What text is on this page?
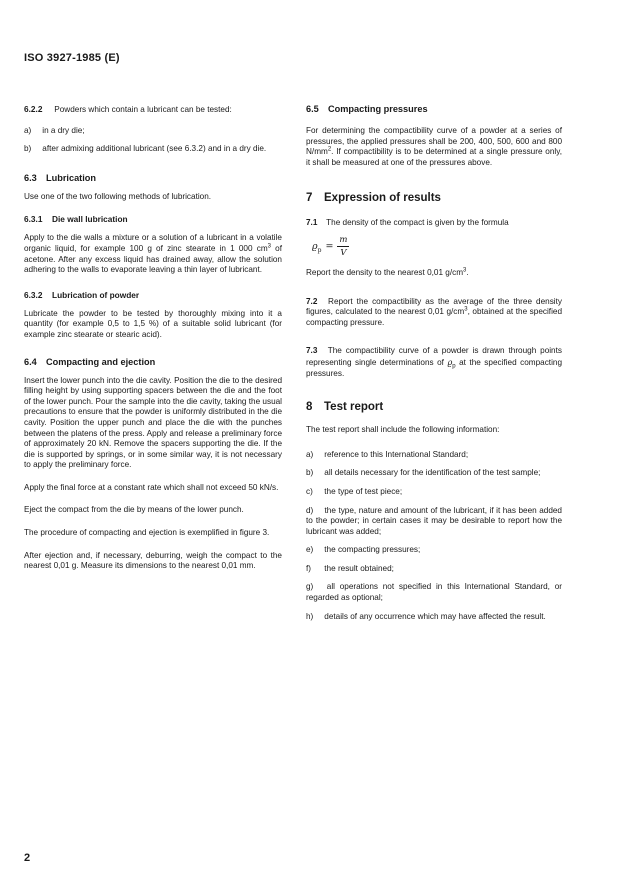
ISO 3927-1985 (E)

6.2.2 Powders which contain a lubricant can be tested:

a) in a dry die;
b) after admixing additional lubricant (see 6.3.2) and in a dry die.
6.3 Lubrication

Use one of the two following methods of lubrication.

6.3.1 Die wall lubrication

Apply to the die walls a mixture or a solution of a lubricant in a volatile organic liquid, for example 100 g of zinc stearate in 1 000 $cm^3$ of acetone. After any excess liquid has drained away, allow the solution adhering to the walls to evaporate leaving a thin layer of lubricant.

6.3.2 Lubrication of powder

Lubricate the powder to be tested by thoroughly mixing into it a quantity (for example 0,5 to 1,5 %) of a suitable solid lubricant (for example zinc stearate or stearic acid).

6.4 Compacting and ejection

Insert the lower punch into the die cavity. Position the die to the desired filling height by using supporting spacers between the die and the foot of the lower punch. Pour the sample into the die cavity, taking the usual precautions to ensure that the powder is uniformly distributed in the die cavity. Position the upper punch and place the die with the punches between the platens of the press. Apply and release a preliminary force of approximately 20 kN. Remove the spacers supporting the die. If the die is supported by springs, or in some similar way, it is not necessary to apply the preliminary force.

Apply the final force at a constant rate which shall not exceed 50 kN/s.

Eject the compact from the die by means of the lower punch.

The procedure of compacting and ejection is exemplified in figure 3.

After ejection and, if necessary, deburring, weigh the compact to the nearest 0,01 g. Measure its dimensions to the nearest 0,01 mm.

6.5 Compacting pressures

For determining the compactibility curve of a powder at a series of pressures, the applied pressures shall be 200, 400, 500, 600 and 800 $N/mm^2$. If compactibility is to be determined at a single pressure only, it shall be measured at one of the pressures above.

7 Expression of results

7.1 The density of the compact is given by the formula

$ϱ_p = \frac{m}{V}$

Report the density to the nearest 0,01 $g/cm^3$.

7.2 Report the compactibility as the average of the three density figures, calculated to the nearest 0,01 $g/cm^3$, obtained at the specified compacting pressure.

7.3 The compactibility curve of a powder is drawn through points representing single determinations of $ϱ_p$ at the specified compacting pressures.

8 Test report

The test report shall include the following information:

a) reference to this International Standard;
b) all details necessary for the identification of the test sample;
c) the type of test piece;
d) the type, nature and amount of the lubricant, if it has been added to the powder; in certain cases it may be desirable to report how the lubricant was added;
e) the compacting pressures;
f) the result obtained;
g) all operations not specified in this International Standard, or regarded as optional;
h) details of any occurrence which may have affected the result.
2
